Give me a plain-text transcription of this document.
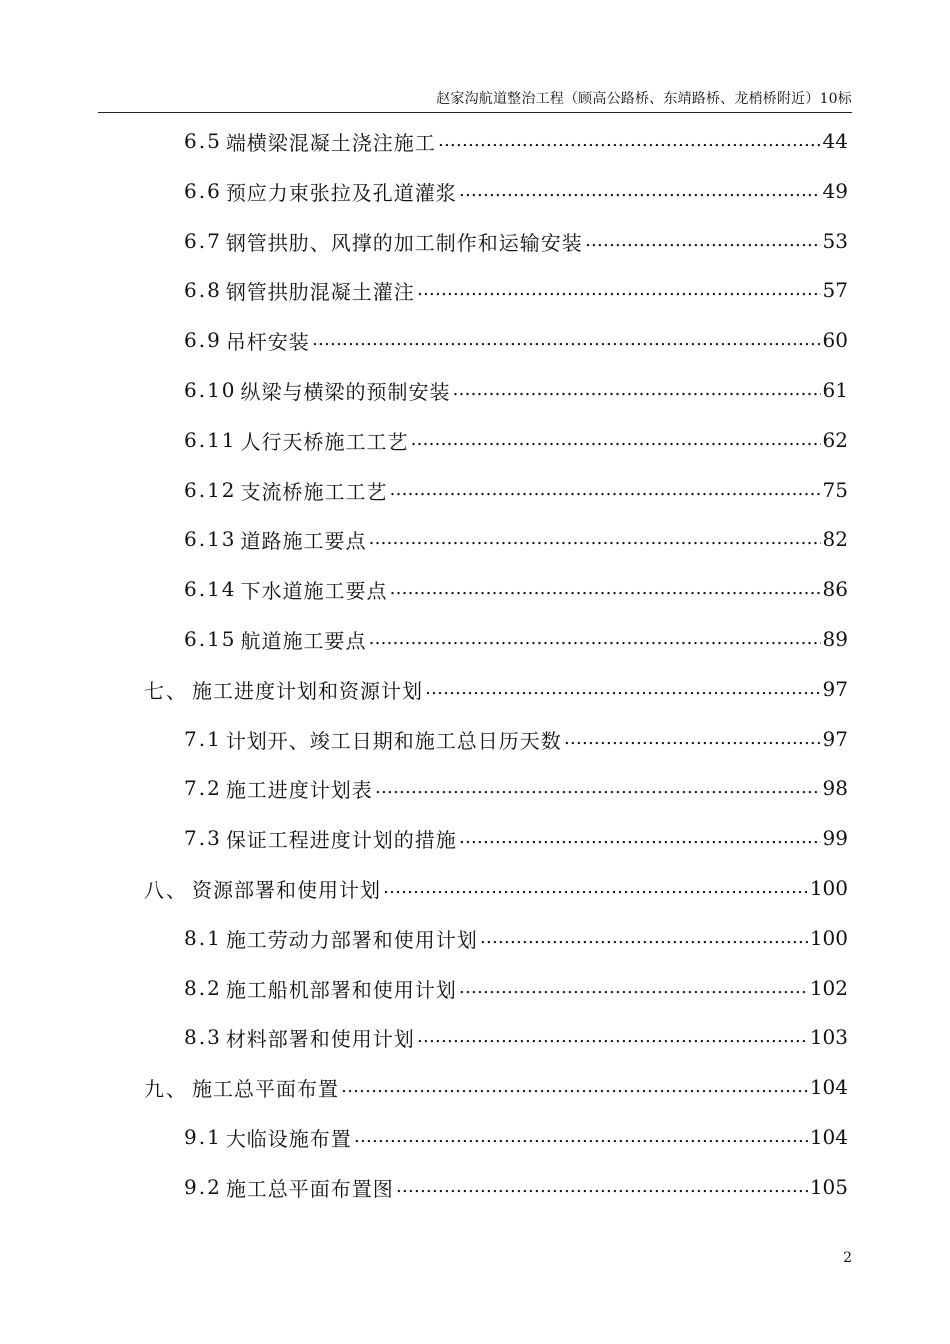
赵家沟航道整治工程（顾高公路桥、东靖路桥、龙梢桥附近）10标
6.5 端横梁混凝土浇注施工 …………………………………………………………………………………………………………………………………………………………………………	44
6.6 预应力束张拉及孔道灌浆 …………………………………………………………………………………………………………………………………………………………………………	49
6.7 钢管拱肋、风撑的加工制作和运输安装 …………………………………………………………………………………………………………………………………………………………………………	53
6.8 钢管拱肋混凝土灌注 …………………………………………………………………………………………………………………………………………………………………………	57
6.9 吊杆安装 …………………………………………………………………………………………………………………………………………………………………………	60
6.10 纵梁与横梁的预制安装 …………………………………………………………………………………………………………………………………………………………………………	61
6.11 人行天桥施工工艺 …………………………………………………………………………………………………………………………………………………………………………	62
6.12 支流桥施工工艺 …………………………………………………………………………………………………………………………………………………………………………	75
6.13 道路施工要点 …………………………………………………………………………………………………………………………………………………………………………	82
6.14 下水道施工要点 …………………………………………………………………………………………………………………………………………………………………………	86
6.15 航道施工要点 …………………………………………………………………………………………………………………………………………………………………………	89
七、 施工进度计划和资源计划 …………………………………………………………………………………………………………………………………………………………………………	97
7.1 计划开、竣工日期和施工总日历天数 …………………………………………………………………………………………………………………………………………………………………………	97
7.2 施工进度计划表 …………………………………………………………………………………………………………………………………………………………………………	98
7.3 保证工程进度计划的措施 …………………………………………………………………………………………………………………………………………………………………………	99
八、 资源部署和使用计划 …………………………………………………………………………………………………………………………………………………………………………	100
8.1 施工劳动力部署和使用计划 …………………………………………………………………………………………………………………………………………………………………………	100
8.2 施工船机部署和使用计划 …………………………………………………………………………………………………………………………………………………………………………	102
8.3 材料部署和使用计划 …………………………………………………………………………………………………………………………………………………………………………	103
九、 施工总平面布置 …………………………………………………………………………………………………………………………………………………………………………	104
9.1 大临设施布置 …………………………………………………………………………………………………………………………………………………………………………	104
9.2 施工总平面布置图 …………………………………………………………………………………………………………………………………………………………………………	105
2
